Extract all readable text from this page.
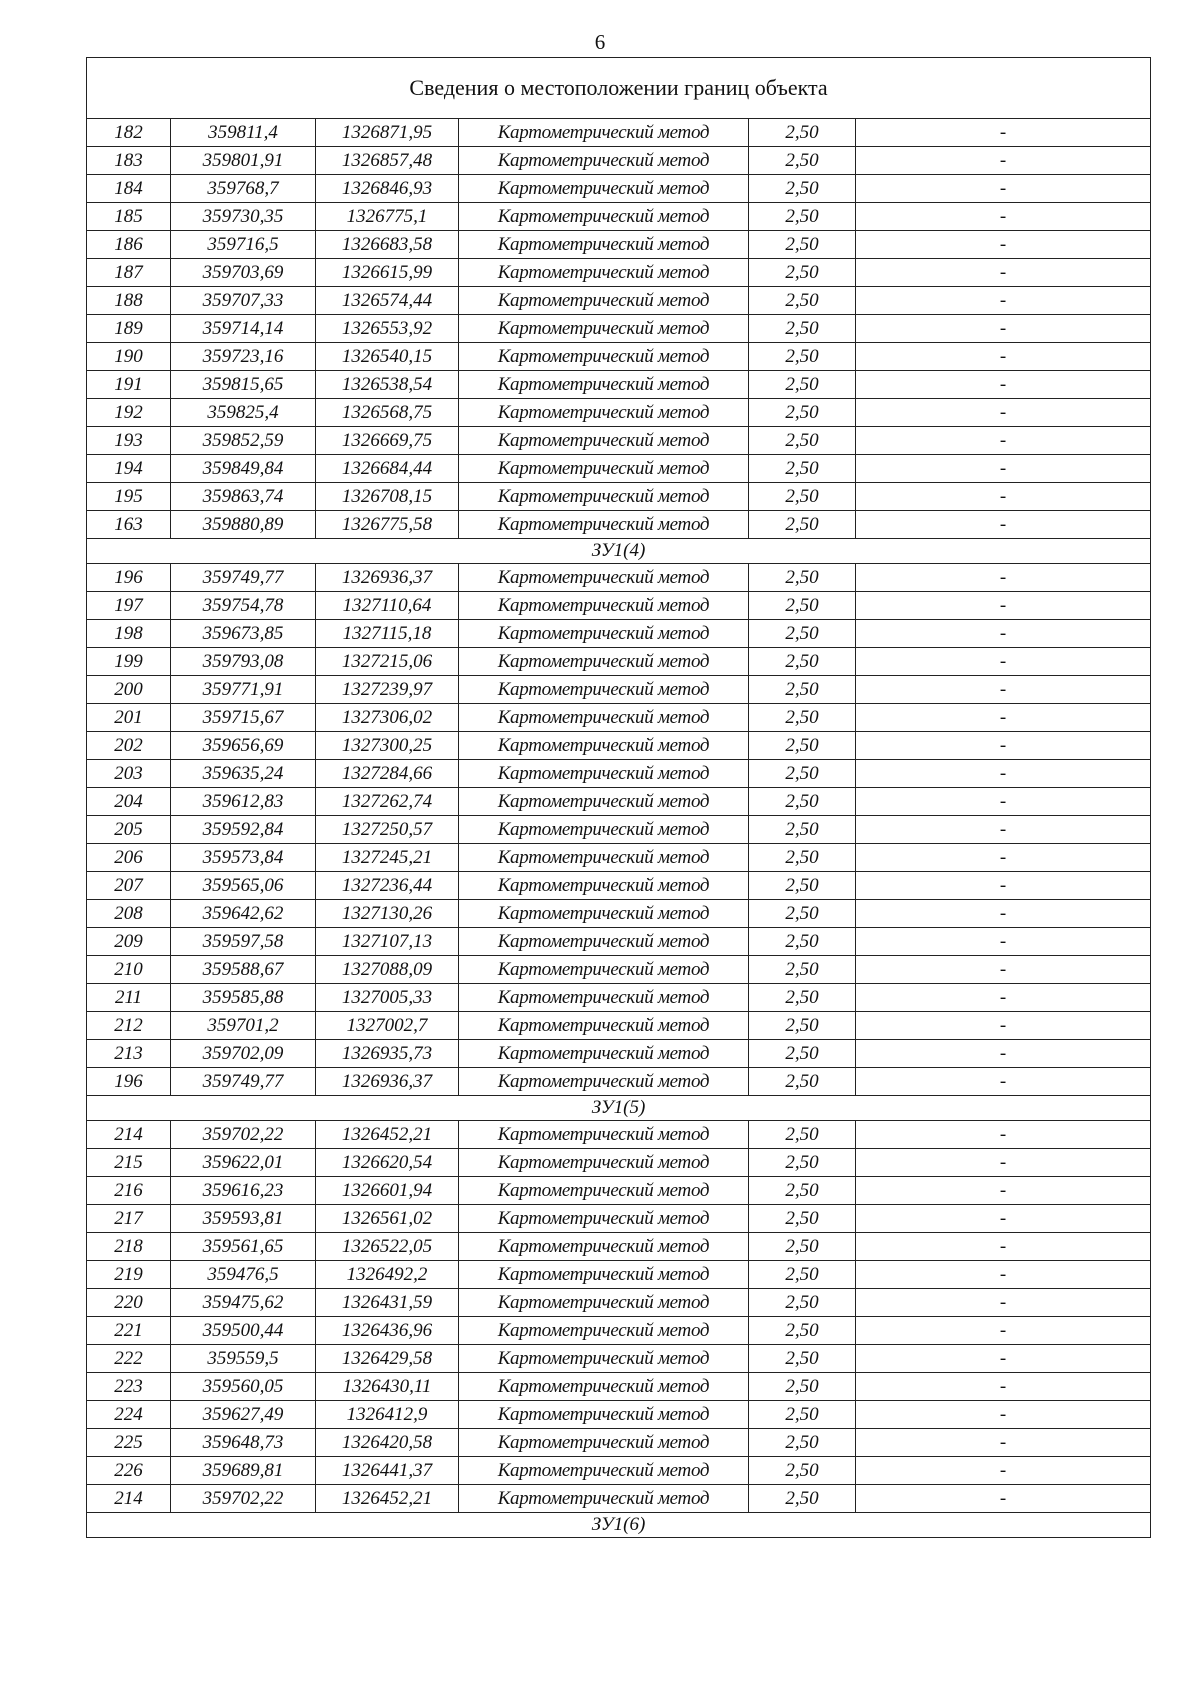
6
Сведения о местоположении границ объекта					
182	359811,4	1326871,95	Картометрический метод	2,50	-
183	359801,91	1326857,48	Картометрический метод	2,50	-
184	359768,7	1326846,93	Картометрический метод	2,50	-
185	359730,35	1326775,1	Картометрический метод	2,50	-
186	359716,5	1326683,58	Картометрический метод	2,50	-
187	359703,69	1326615,99	Картометрический метод	2,50	-
188	359707,33	1326574,44	Картометрический метод	2,50	-
189	359714,14	1326553,92	Картометрический метод	2,50	-
190	359723,16	1326540,15	Картометрический метод	2,50	-
191	359815,65	1326538,54	Картометрический метод	2,50	-
192	359825,4	1326568,75	Картометрический метод	2,50	-
193	359852,59	1326669,75	Картометрический метод	2,50	-
194	359849,84	1326684,44	Картометрический метод	2,50	-
195	359863,74	1326708,15	Картометрический метод	2,50	-
163	359880,89	1326775,58	Картометрический метод	2,50	-
ЗУ1(4)					
196	359749,77	1326936,37	Картометрический метод	2,50	-
197	359754,78	1327110,64	Картометрический метод	2,50	-
198	359673,85	1327115,18	Картометрический метод	2,50	-
199	359793,08	1327215,06	Картометрический метод	2,50	-
200	359771,91	1327239,97	Картометрический метод	2,50	-
201	359715,67	1327306,02	Картометрический метод	2,50	-
202	359656,69	1327300,25	Картометрический метод	2,50	-
203	359635,24	1327284,66	Картометрический метод	2,50	-
204	359612,83	1327262,74	Картометрический метод	2,50	-
205	359592,84	1327250,57	Картометрический метод	2,50	-
206	359573,84	1327245,21	Картометрический метод	2,50	-
207	359565,06	1327236,44	Картометрический метод	2,50	-
208	359642,62	1327130,26	Картометрический метод	2,50	-
209	359597,58	1327107,13	Картометрический метод	2,50	-
210	359588,67	1327088,09	Картометрический метод	2,50	-
211	359585,88	1327005,33	Картометрический метод	2,50	-
212	359701,2	1327002,7	Картометрический метод	2,50	-
213	359702,09	1326935,73	Картометрический метод	2,50	-
196	359749,77	1326936,37	Картометрический метод	2,50	-
ЗУ1(5)					
214	359702,22	1326452,21	Картометрический метод	2,50	-
215	359622,01	1326620,54	Картометрический метод	2,50	-
216	359616,23	1326601,94	Картометрический метод	2,50	-
217	359593,81	1326561,02	Картометрический метод	2,50	-
218	359561,65	1326522,05	Картометрический метод	2,50	-
219	359476,5	1326492,2	Картометрический метод	2,50	-
220	359475,62	1326431,59	Картометрический метод	2,50	-
221	359500,44	1326436,96	Картометрический метод	2,50	-
222	359559,5	1326429,58	Картометрический метод	2,50	-
223	359560,05	1326430,11	Картометрический метод	2,50	-
224	359627,49	1326412,9	Картометрический метод	2,50	-
225	359648,73	1326420,58	Картометрический метод	2,50	-
226	359689,81	1326441,37	Картометрический метод	2,50	-
214	359702,22	1326452,21	Картометрический метод	2,50	-
ЗУ1(6)					
